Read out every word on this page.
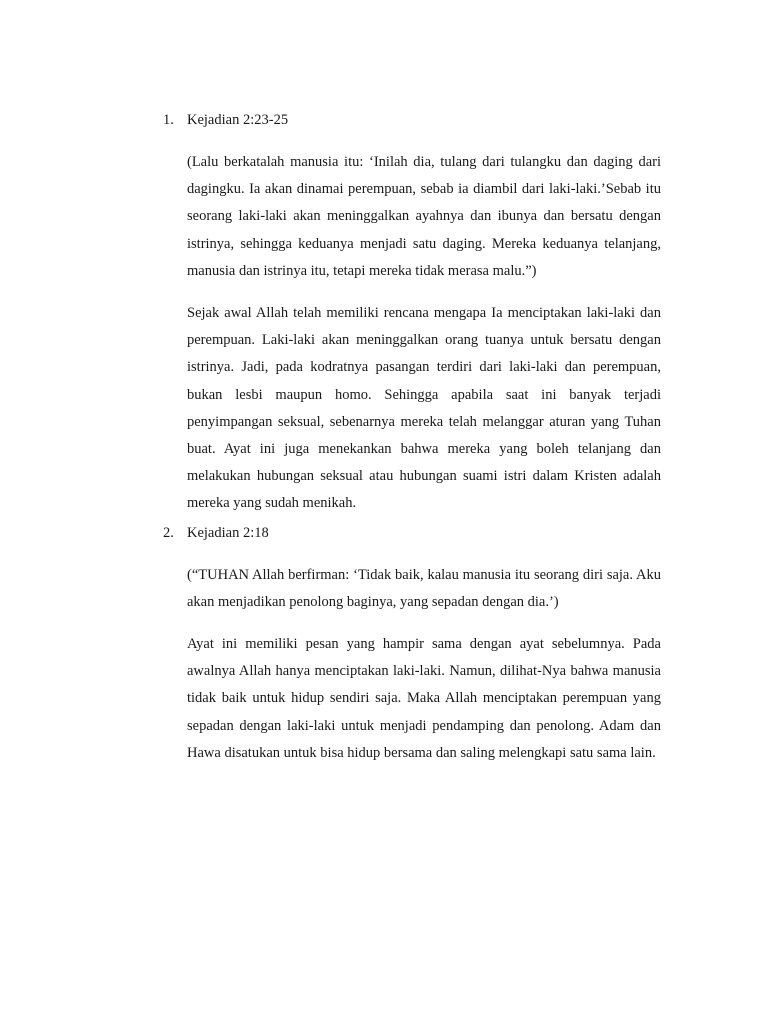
1. Kejadian 2:23-25

(Lalu berkatalah manusia itu: ‘Inilah dia, tulang dari tulangku dan daging dari dagingku. Ia akan dinamai perempuan, sebab ia diambil dari laki-laki.’Sebab itu seorang laki-laki akan meninggalkan ayahnya dan ibunya dan bersatu dengan istrinya, sehingga keduanya menjadi satu daging. Mereka keduanya telanjang, manusia dan istrinya itu, tetapi mereka tidak merasa malu.”)

Sejak awal Allah telah memiliki rencana mengapa Ia menciptakan laki-laki dan perempuan. Laki-laki akan meninggalkan orang tuanya untuk bersatu dengan istrinya. Jadi, pada kodratnya pasangan terdiri dari laki-laki dan perempuan, bukan lesbi maupun homo. Sehingga apabila saat ini banyak terjadi penyimpangan seksual, sebenarnya mereka telah melanggar aturan yang Tuhan buat. Ayat ini juga menekankan bahwa mereka yang boleh telanjang dan melakukan hubungan seksual atau hubungan suami istri dalam Kristen adalah mereka yang sudah menikah.

2. Kejadian 2:18

(“TUHAN Allah berfirman: ‘Tidak baik, kalau manusia itu seorang diri saja. Aku akan menjadikan penolong baginya, yang sepadan dengan dia.’)

Ayat ini memiliki pesan yang hampir sama dengan ayat sebelumnya. Pada awalnya Allah hanya menciptakan laki-laki. Namun, dilihat-Nya bahwa manusia tidak baik untuk hidup sendiri saja. Maka Allah menciptakan perempuan yang sepadan dengan laki-laki untuk menjadi pendamping dan penolong. Adam dan Hawa disatukan untuk bisa hidup bersama dan saling melengkapi satu sama lain.
